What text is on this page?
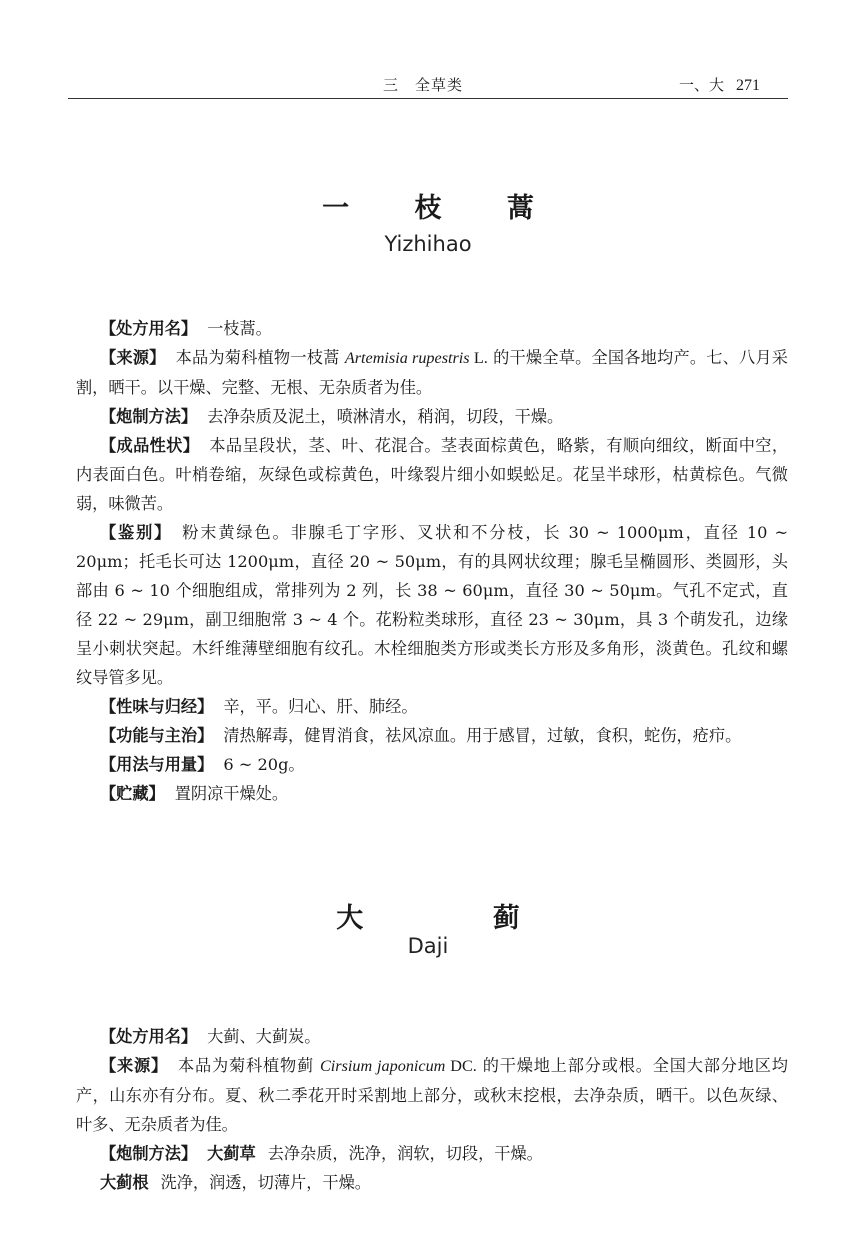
三　全草类	一、大 271
一 枝 蒿
Yizhihao

【处方用名】 一枝蒿。

【来源】 本品为菊科植物一枝蒿 Artemisia rupestris L. 的干燥全草。全国各地均产。七、八月采割，晒干。以干燥、完整、无根、无杂质者为佳。

【炮制方法】 去净杂质及泥土，喷淋清水，稍润，切段，干燥。

【成品性状】 本品呈段状，茎、叶、花混合。茎表面棕黄色，略紫，有顺向细纹，断面中空，内表面白色。叶梢卷缩，灰绿色或棕黄色，叶缘裂片细小如蜈蚣足。花呈半球形，枯黄棕色。气微弱，味微苦。

【鉴别】 粉末黄绿色。非腺毛丁字形、叉状和不分枝，长 30 ~ 1000μm，直径 10 ~ 20μm；托毛长可达 1200μm，直径 20 ~ 50μm，有的具网状纹理；腺毛呈椭圆形、类圆形，头部由 6 ~ 10 个细胞组成，常排列为 2 列，长 38 ~ 60μm，直径 30 ~ 50μm。气孔不定式，直径 22 ~ 29μm，副卫细胞常 3 ~ 4 个。花粉粒类球形，直径 23 ~ 30μm，具 3 个萌发孔，边缘呈小刺状突起。木纤维薄壁细胞有纹孔。木栓细胞类方形或类长方形及多角形，淡黄色。孔纹和螺纹导管多见。

【性味与归经】 辛，平。归心、肝、肺经。

【功能与主治】 清热解毒，健胃消食，祛风凉血。用于感冒，过敏，食积，蛇伤，疮疖。

【用法与用量】 6 ~ 20g。

【贮藏】 置阴凉干燥处。

大 蓟
Daji

【处方用名】 大蓟、大蓟炭。

【来源】 本品为菊科植物蓟 Cirsium japonicum DC. 的干燥地上部分或根。全国大部分地区均产，山东亦有分布。夏、秋二季花开时采割地上部分，或秋末挖根，去净杂质，晒干。以色灰绿、叶多、无杂质者为佳。

【炮制方法】 大蓟草 去净杂质，洗净，润软，切段，干燥。

大蓟根 洗净，润透，切薄片，干燥。
